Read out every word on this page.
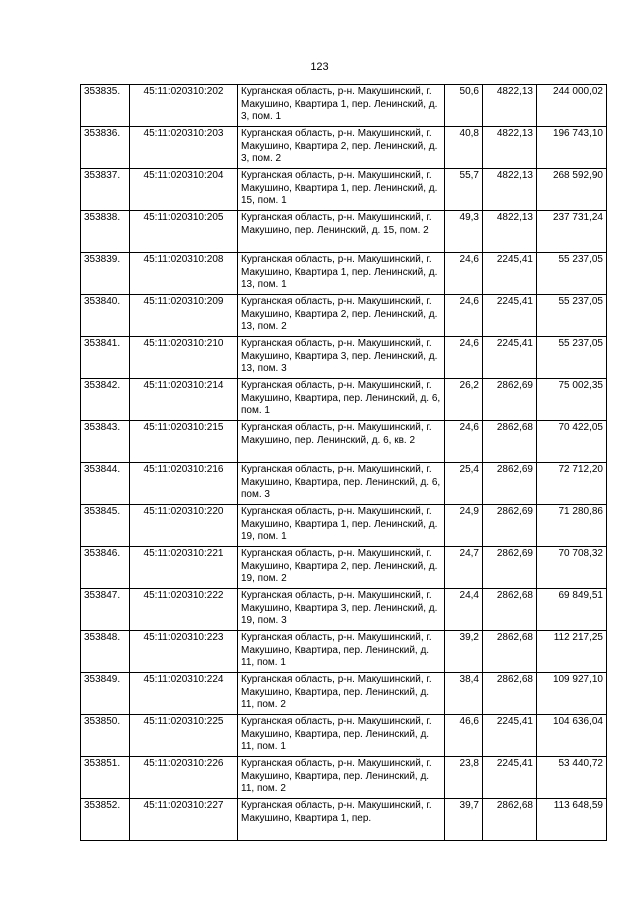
123
353835.	45:11:020310:202	Курганская область, р-н. Макушинский, г. Макушино, Квартира 1, пер. Ленинский, д. 3, пом. 1	50,6	4822,13	244 000,02
353836.	45:11:020310:203	Курганская область, р-н. Макушинский, г. Макушино, Квартира 2, пер. Ленинский, д. 3, пом. 2	40,8	4822,13	196 743,10
353837.	45:11:020310:204	Курганская область, р-н. Макушинский, г. Макушино, Квартира 1, пер. Ленинский, д. 15, пом. 1	55,7	4822,13	268 592,90
353838.	45:11:020310:205	Курганская область, р-н. Макушинский, г. Макушино, пер. Ленинский, д. 15, пом. 2	49,3	4822,13	237 731,24
353839.	45:11:020310:208	Курганская область, р-н. Макушинский, г. Макушино, Квартира 1, пер. Ленинский, д. 13, пом. 1	24,6	2245,41	55 237,05
353840.	45:11:020310:209	Курганская область, р-н. Макушинский, г. Макушино, Квартира 2, пер. Ленинский, д. 13, пом. 2	24,6	2245,41	55 237,05
353841.	45:11:020310:210	Курганская область, р-н. Макушинский, г. Макушино, Квартира 3, пер. Ленинский, д. 13, пом. 3	24,6	2245,41	55 237,05
353842.	45:11:020310:214	Курганская область, р-н. Макушинский, г. Макушино, Квартира, пер. Ленинский, д. 6, пом. 1	26,2	2862,69	75 002,35
353843.	45:11:020310:215	Курганская область, р-н. Макушинский, г. Макушино, пер. Ленинский, д. 6, кв. 2	24,6	2862,68	70 422,05
353844.	45:11:020310:216	Курганская область, р-н. Макушинский, г. Макушино, Квартира, пер. Ленинский, д. 6, пом. 3	25,4	2862,69	72 712,20
353845.	45:11:020310:220	Курганская область, р-н. Макушинский, г. Макушино, Квартира 1, пер. Ленинский, д. 19, пом. 1	24,9	2862,69	71 280,86
353846.	45:11:020310:221	Курганская область, р-н. Макушинский, г. Макушино, Квартира 2, пер. Ленинский, д. 19, пом. 2	24,7	2862,69	70 708,32
353847.	45:11:020310:222	Курганская область, р-н. Макушинский, г. Макушино, Квартира 3, пер. Ленинский, д. 19, пом. 3	24,4	2862,68	69 849,51
353848.	45:11:020310:223	Курганская область, р-н. Макушинский, г. Макушино, Квартира, пер. Ленинский, д. 11, пом. 1	39,2	2862,68	112 217,25
353849.	45:11:020310:224	Курганская область, р-н. Макушинский, г. Макушино, Квартира, пер. Ленинский, д. 11, пом. 2	38,4	2862,68	109 927,10
353850.	45:11:020310:225	Курганская область, р-н. Макушинский, г. Макушино, Квартира, пер. Ленинский, д. 11, пом. 1	46,6	2245,41	104 636,04
353851.	45:11:020310:226	Курганская область, р-н. Макушинский, г. Макушино, Квартира, пер. Ленинский, д. 11, пом. 2	23,8	2245,41	53 440,72
353852.	45:11:020310:227	Курганская область, р-н. Макушинский, г. Макушино, Квартира 1, пер.	39,7	2862,68	113 648,59
